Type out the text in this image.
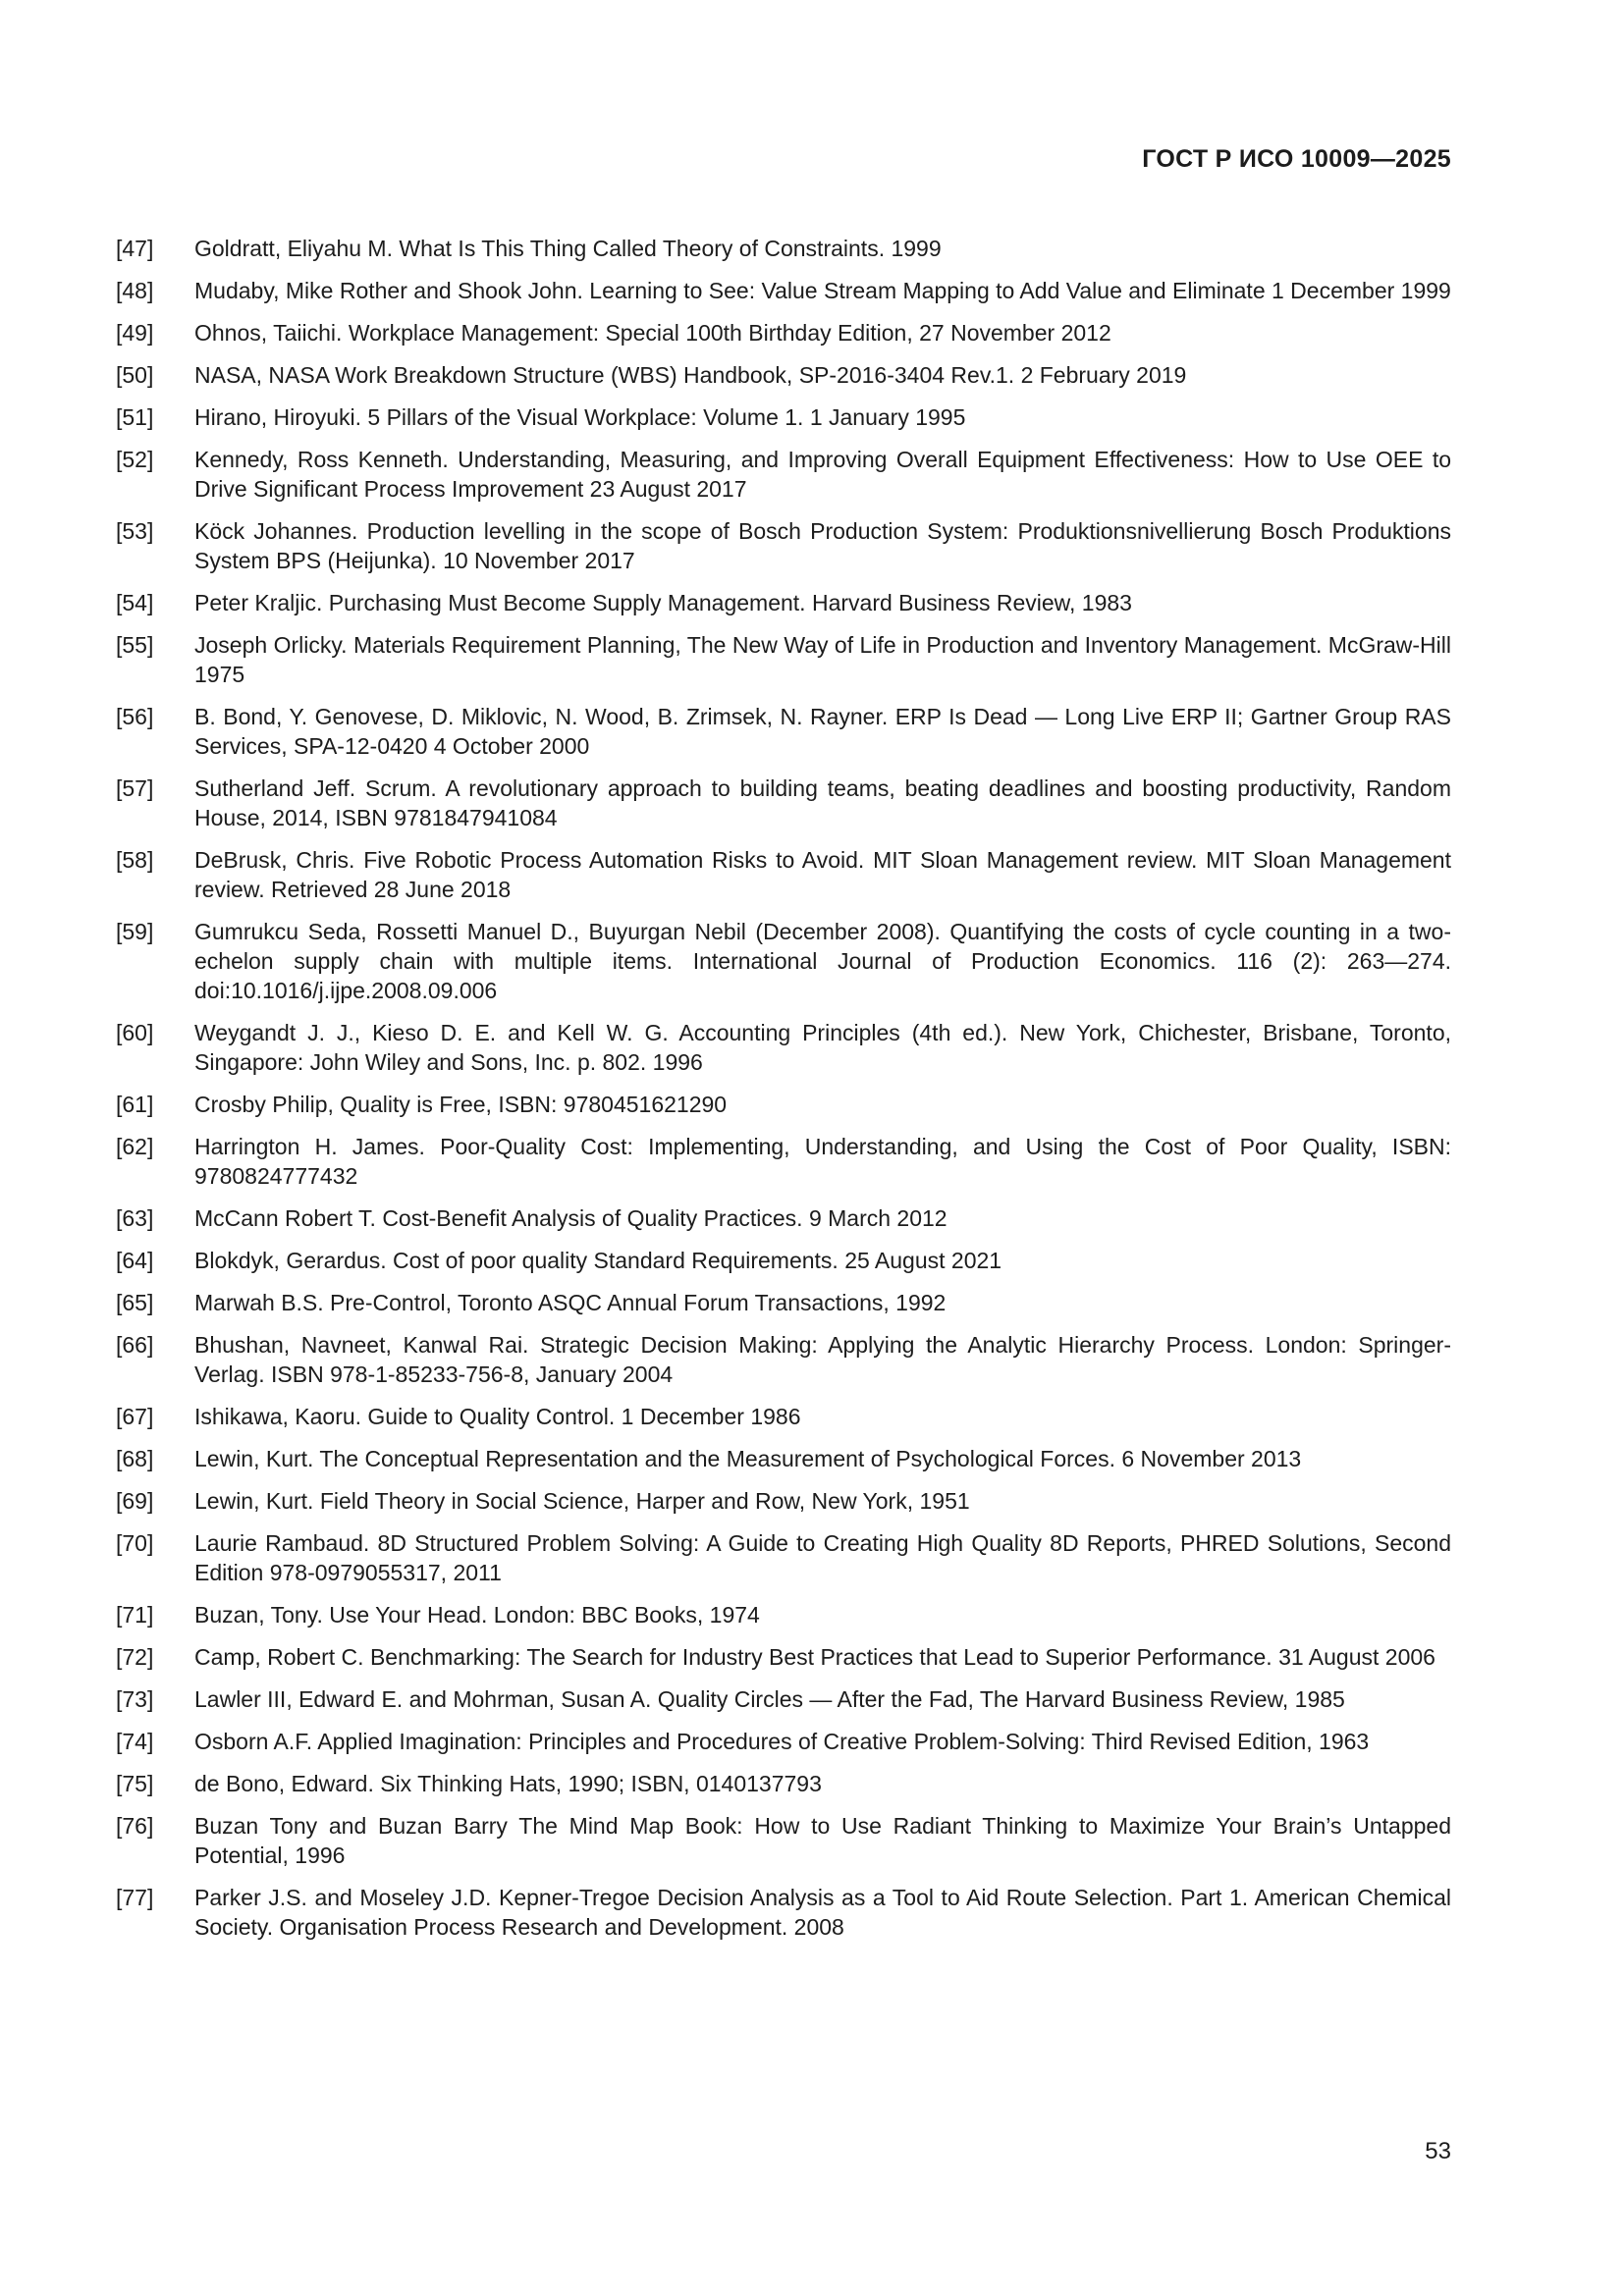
ГОСТ Р ИСО 10009—2025
[47]	Goldratt, Eliyahu M. What Is This Thing Called Theory of Constraints. 1999
[48]	Mudaby, Mike Rother and Shook John. Learning to See: Value Stream Mapping to Add Value and Eliminate 1 December 1999
[49]	Ohnos, Taiichi. Workplace Management: Special 100th Birthday Edition, 27 November 2012
[50]	NASA, NASA Work Breakdown Structure (WBS) Handbook, SP-2016-3404 Rev.1. 2 February 2019
[51]	Hirano, Hiroyuki. 5 Pillars of the Visual Workplace: Volume 1. 1 January 1995
[52]	Kennedy, Ross Kenneth. Understanding, Measuring, and Improving Overall Equipment Effectiveness: How to Use OEE to Drive Significant Process Improvement 23 August 2017
[53]	Köck Johannes. Production levelling in the scope of Bosch Production System: Produktionsnivellierung Bosch Produktions System BPS (Heijunka). 10 November 2017
[54]	Peter Kraljic. Purchasing Must Become Supply Management. Harvard Business Review, 1983
[55]	Joseph Orlicky. Materials Requirement Planning, The New Way of Life in Production and Inventory Management. McGraw-Hill 1975
[56]	B. Bond, Y. Genovese, D. Miklovic, N. Wood, B. Zrimsek, N. Rayner. ERP Is Dead — Long Live ERP II; Gartner Group RAS Services, SPA-12-0420 4 October 2000
[57]	Sutherland Jeff. Scrum. A revolutionary approach to building teams, beating deadlines and boosting productivity, Random House, 2014, ISBN 9781847941084
[58]	DeBrusk, Chris. Five Robotic Process Automation Risks to Avoid. MIT Sloan Management review. MIT Sloan Management review. Retrieved 28 June 2018
[59]	Gumrukcu Seda, Rossetti Manuel D., Buyurgan Nebil (December 2008). Quantifying the costs of cycle counting in a two-echelon supply chain with multiple items. International Journal of Production Economics. 116 (2): 263—274. doi:10.1016/j.ijpe.2008.09.006
[60]	Weygandt J. J., Kieso D. E. and Kell W. G. Accounting Principles (4th ed.). New York, Chichester, Brisbane, Toronto, Singapore: John Wiley and Sons, Inc. p. 802. 1996
[61]	Crosby Philip, Quality is Free, ISBN: 9780451621290
[62]	Harrington H. James. Poor-Quality Cost: Implementing, Understanding, and Using the Cost of Poor Quality, ISBN: 9780824777432
[63]	McCann Robert T. Cost-Benefit Analysis of Quality Practices. 9 March 2012
[64]	Blokdyk, Gerardus. Cost of poor quality Standard Requirements. 25 August 2021
[65]	Marwah B.S. Pre-Control, Toronto ASQC Annual Forum Transactions, 1992
[66]	Bhushan, Navneet, Kanwal Rai. Strategic Decision Making: Applying the Analytic Hierarchy Process. London: Springer-Verlag. ISBN 978-1-85233-756-8, January 2004
[67]	Ishikawa, Kaoru. Guide to Quality Control. 1 December 1986
[68]	Lewin, Kurt. The Conceptual Representation and the Measurement of Psychological Forces. 6 November 2013
[69]	Lewin, Kurt. Field Theory in Social Science, Harper and Row, New York, 1951
[70]	Laurie Rambaud. 8D Structured Problem Solving: A Guide to Creating High Quality 8D Reports, PHRED Solutions, Second Edition 978-0979055317, 2011
[71]	Buzan, Tony. Use Your Head. London: BBC Books, 1974
[72]	Camp, Robert C. Benchmarking: The Search for Industry Best Practices that Lead to Superior Performance. 31 August 2006
[73]	Lawler III, Edward E. and Mohrman, Susan A. Quality Circles — After the Fad, The Harvard Business Review, 1985
[74]	Osborn A.F. Applied Imagination: Principles and Procedures of Creative Problem-Solving: Third Revised Edition, 1963
[75]	de Bono, Edward. Six Thinking Hats, 1990; ISBN, 0140137793
[76]	Buzan Tony and Buzan Barry The Mind Map Book: How to Use Radiant Thinking to Maximize Your Brain’s Untapped Potential, 1996
[77]	Parker J.S. and Moseley J.D. Kepner-Tregoe Decision Analysis as a Tool to Aid Route Selection. Part 1. American Chemical Society. Organisation Process Research and Development. 2008
53
